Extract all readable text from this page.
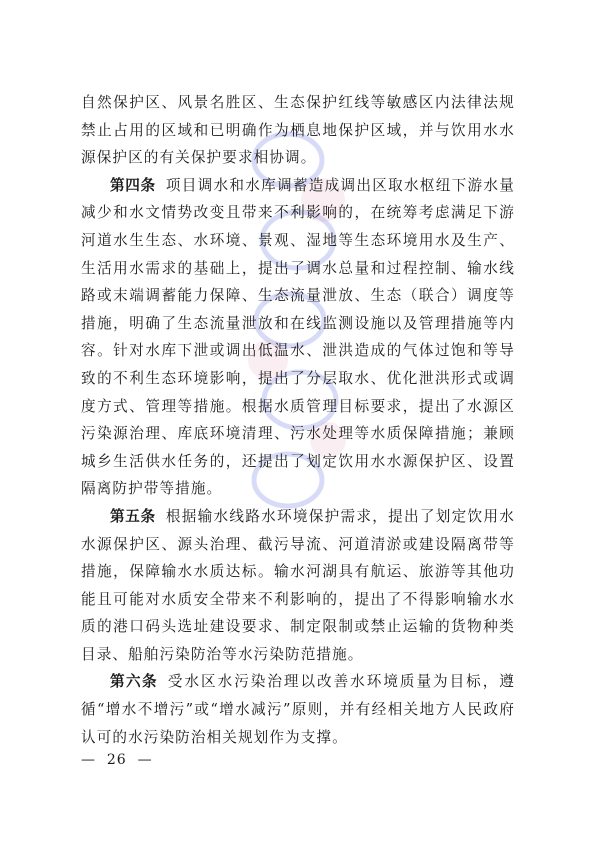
自然保护区、风景名胜区、生态保护红线等敏感区内法律法规禁止占用的区域和已明确作为栖息地保护区域，并与饮用水水源保护区的有关保护要求相协调。

第四条 项目调水和水库调蓄造成调出区取水枢纽下游水量减少和水文情势改变且带来不利影响的，在统筹考虑满足下游河道水生生态、水环境、景观、湿地等生态环境用水及生产、生活用水需求的基础上，提出了调水总量和过程控制、输水线路或末端调蓄能力保障、生态流量泄放、生态（联合）调度等措施，明确了生态流量泄放和在线监测设施以及管理措施等内容。针对水库下泄或调出低温水、泄洪造成的气体过饱和等导致的不利生态环境影响，提出了分层取水、优化泄洪形式或调度方式、管理等措施。根据水质管理目标要求，提出了水源区污染源治理、库底环境清理、污水处理等水质保障措施；兼顾城乡生活供水任务的，还提出了划定饮用水水源保护区、设置隔离防护带等措施。

第五条 根据输水线路水环境保护需求，提出了划定饮用水水源保护区、源头治理、截污导流、河道清淤或建设隔离带等措施，保障输水水质达标。输水河湖具有航运、旅游等其他功能且可能对水质安全带来不利影响的，提出了不得影响输水水质的港口码头选址建设要求、制定限制或禁止运输的货物种类目录、船舶污染防治等水污染防范措施。

第六条 受水区水污染治理以改善水环境质量为目标，遵循“增水不增污”或“增水减污”原则，并有经相关地方人民政府认可的水污染防治相关规划作为支撑。

—  26  —
